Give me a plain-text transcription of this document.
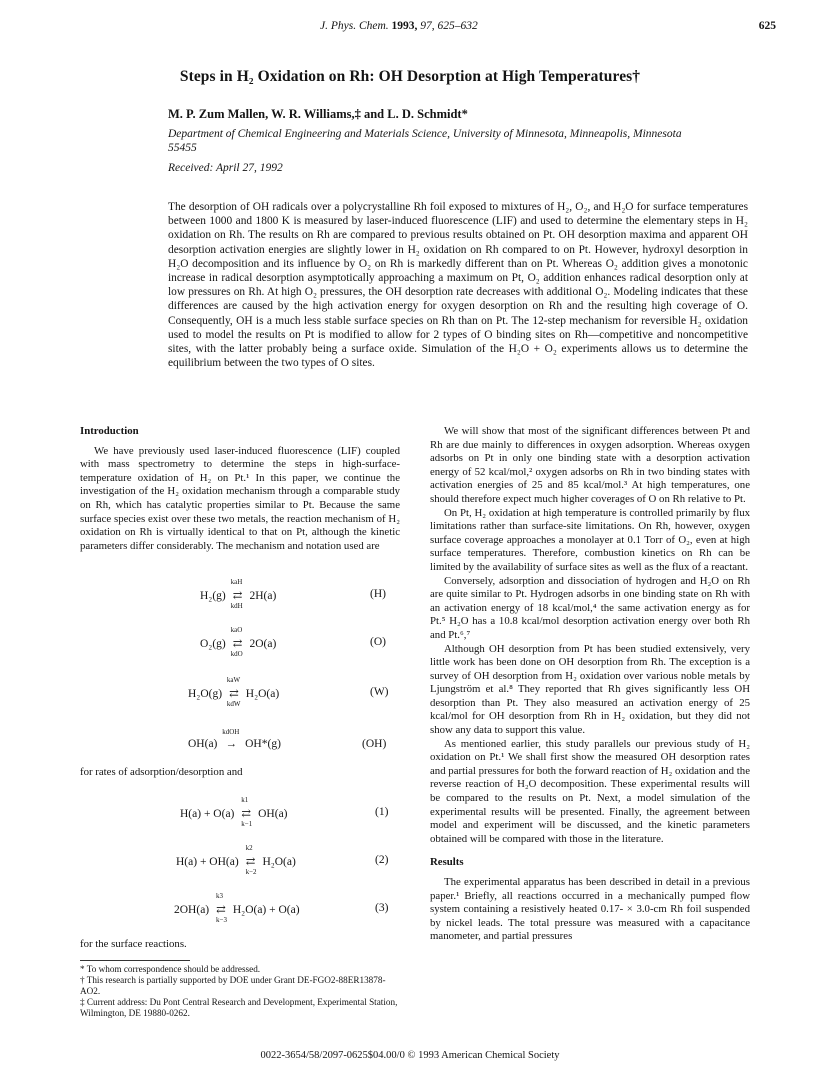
J. Phys. Chem. 1993, 97, 625–632	625
Steps in H₂ Oxidation on Rh: OH Desorption at High Temperatures†
M. P. Zum Mallen, W. R. Williams,‡ and L. D. Schmidt*
Department of Chemical Engineering and Materials Science, University of Minnesota, Minneapolis, Minnesota 55455
Received: April 27, 1992
The desorption of OH radicals over a polycrystalline Rh foil exposed to mixtures of H₂, O₂, and H₂O for surface temperatures between 1000 and 1800 K is measured by laser-induced fluorescence (LIF) and used to determine the elementary steps in H₂ oxidation on Rh. The results on Rh are compared to previous results obtained on Pt. OH desorption maxima and apparent OH desorption activation energies are slightly lower in H₂ oxidation on Rh compared to on Pt. However, hydroxyl desorption in H₂O decomposition and its influence by O₂ on Rh is markedly different than on Pt. Whereas O₂ addition gives a monotonic increase in radical desorption asymptotically approaching a maximum on Pt, O₂ addition enhances radical desorption only at low pressures on Rh. At high O₂ pressures, the OH desorption rate decreases with additional O₂. Modeling indicates that these differences are caused by the high activation energy for oxygen desorption on Rh and the resulting high coverage of O. Consequently, OH is a much less stable surface species on Rh than on Pt. The 12-step mechanism for reversible H₂ oxidation used to model the results on Pt is modified to allow for 2 types of O binding sites on Rh—competitive and noncompetitive sites, with the latter probably being a surface oxide. Simulation of the H₂O + O₂ experiments allows us to determine the equilibrium between the two types of O sites.
Introduction

We have previously used laser-induced fluorescence (LIF) coupled with mass spectrometry to determine the steps in high-surface-temperature oxidation of H₂ on Pt.¹ In this paper, we continue the investigation of the H₂ oxidation mechanism through a comparable study on Rh, which has catalytic properties similar to Pt. Because the same surface species exist over these two metals, the reaction mechanism of H₂ oxidation on Rh is virtually identical to that on Pt, although the kinetic parameters differ considerably. The mechanism and notation used are

H₂(g)
kaH
⇄
kdH
2H(a)	(H)
O₂(g)
kaO
⇄
kdO
2O(a)	(O)
H₂O(g)
kaW
⇄
kdW
H₂O(a)	(W)
OH(a)
kdOH
→ OH*(g)	(OH)
for rates of adsorption/desorption and
H(a) + O(a)
k1
⇄
k−1
OH(a)	(1)
H(a) + OH(a)
k2
⇄
k−2
H₂O(a)	(2)
2OH(a)
k3
⇄
k−3
H₂O(a) + O(a)	(3)
for the surface reactions.
* To whom correspondence should be addressed.
† This research is partially supported by DOE under Grant DE-FGO2-88ER13878-AO2.
‡ Current address: Du Pont Central Research and Development, Experimental Station, Wilmington, DE 19880-0262.

We will show that most of the significant differences between Pt and Rh are due mainly to differences in oxygen adsorption. Whereas oxygen adsorbs on Pt in only one binding state with a desorption activation energy of 52 kcal/mol,² oxygen adsorbs on Rh in two binding states with activation energies of 25 and 85 kcal/mol.³ At high temperatures, one should therefore expect much higher coverages of O on Rh relative to Pt.

On Pt, H₂ oxidation at high temperature is controlled primarily by flux limitations rather than surface-site limitations. On Rh, however, oxygen surface coverage approaches a monolayer at 0.1 Torr of O₂, even at high surface temperatures. Therefore, combustion kinetics on Rh can be limited by the availability of surface sites as well as the flux of a reactant.

Conversely, adsorption and dissociation of hydrogen and H₂O on Rh are quite similar to Pt. Hydrogen adsorbs in one binding state on Rh with an activation energy of 18 kcal/mol,⁴ the same activation energy as for Pt.⁵ H₂O has a 10.8 kcal/mol desorption activation energy over both Rh and Pt.⁶,⁷

Although OH desorption from Pt has been studied extensively, very little work has been done on OH desorption from Rh. The exception is a survey of OH desorption from H₂ oxidation over various noble metals by Ljungström et al.⁸ They reported that Rh gives significantly less OH desorption than Pt. They also measured an activation energy of 25 kcal/mol for OH desorption from Rh in H₂ oxidation, but they did not show any data to support this value.

As mentioned earlier, this study parallels our previous study of H₂ oxidation on Pt.¹ We shall first show the measured OH desorption rates and partial pressures for both the forward reaction of H₂ oxidation and the reverse reaction of H₂O decomposition. These experimental results will be compared to the results on Pt. Next, a model simulation of the experimental results will be presented. Finally, the agreement between model and experiment will be discussed, and the kinetic parameters obtained will be compared with those in the literature.

Results

The experimental apparatus has been described in detail in a previous paper.¹ Briefly, all reactions occurred in a mechanically pumped flow system containing a resistively heated 0.17- × 3.0-cm Rh foil suspended by nickel leads. The total pressure was measured with a capacitance manometer, and partial pressures

0022-3654/58/2097-0625$04.00/0 © 1993 American Chemical Society
